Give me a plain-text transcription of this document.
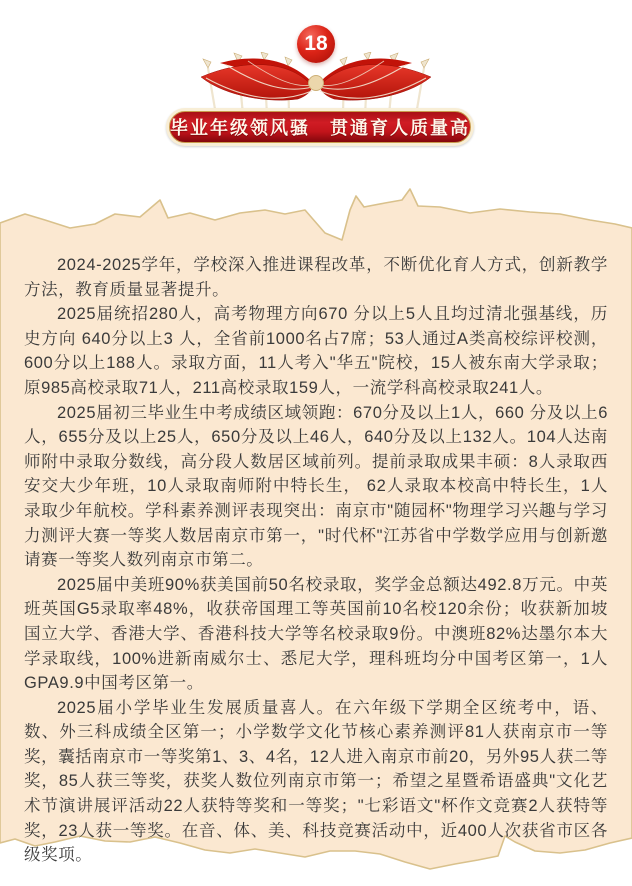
18
毕业年级领风骚　贯通育人质量高

2024-2025学年，学校深入推进课程改革，不断优化育人方式，创新教学方法，教育质量显著提升。

2025届统招280人，高考物理方向670 分以上5人且均过清北强基线，历史方向 640分以上3 人，全省前1000名占7席；53人通过A类高校综评校测，600分以上188人。录取方面，11人考入"华五"院校，15人被东南大学录取；原985高校录取71人，211高校录取159人，一流学科高校录取241人。

2025届初三毕业生中考成绩区域领跑：670分及以上1人，660 分及以上6人，655分及以上25人，650分及以上46人，640分及以上132人。104人达南师附中录取分数线，高分段人数居区域前列。提前录取成果丰硕：8人录取西安交大少年班，10人录取南师附中特长生， 62人录取本校高中特长生，1人录取少年航校。学科素养测评表现突出：南京市"随园杯"物理学习兴趣与学习力测评大赛一等奖人数居南京市第一，"时代杯"江苏省中学数学应用与创新邀请赛一等奖人数列南京市第二。

2025届中美班90%获美国前50名校录取，奖学金总额达492.8万元。中英班英国G5录取率48%，收获帝国理工等英国前10名校120余份；收获新加坡国立大学、香港大学、香港科技大学等名校录取9份。中澳班82%达墨尔本大学录取线，100%进新南威尔士、悉尼大学，理科班均分中国考区第一，1人GPA9.9中国考区第一。

2025届小学毕业生发展质量喜人。在六年级下学期全区统考中，语、数、外三科成绩全区第一；小学数学文化节核心素养测评81人获南京市一等奖，囊括南京市一等奖第1、3、4名，12人进入南京市前20，另外95人获二等奖，85人获三等奖，获奖人数位列南京市第一；希望之星暨希语盛典"文化艺术节演讲展评活动22人获特等奖和一等奖；"七彩语文"杯作文竞赛2人获特等奖，23人获一等奖。在音、体、美、科技竞赛活动中，近400人次获省市区各级奖项。
